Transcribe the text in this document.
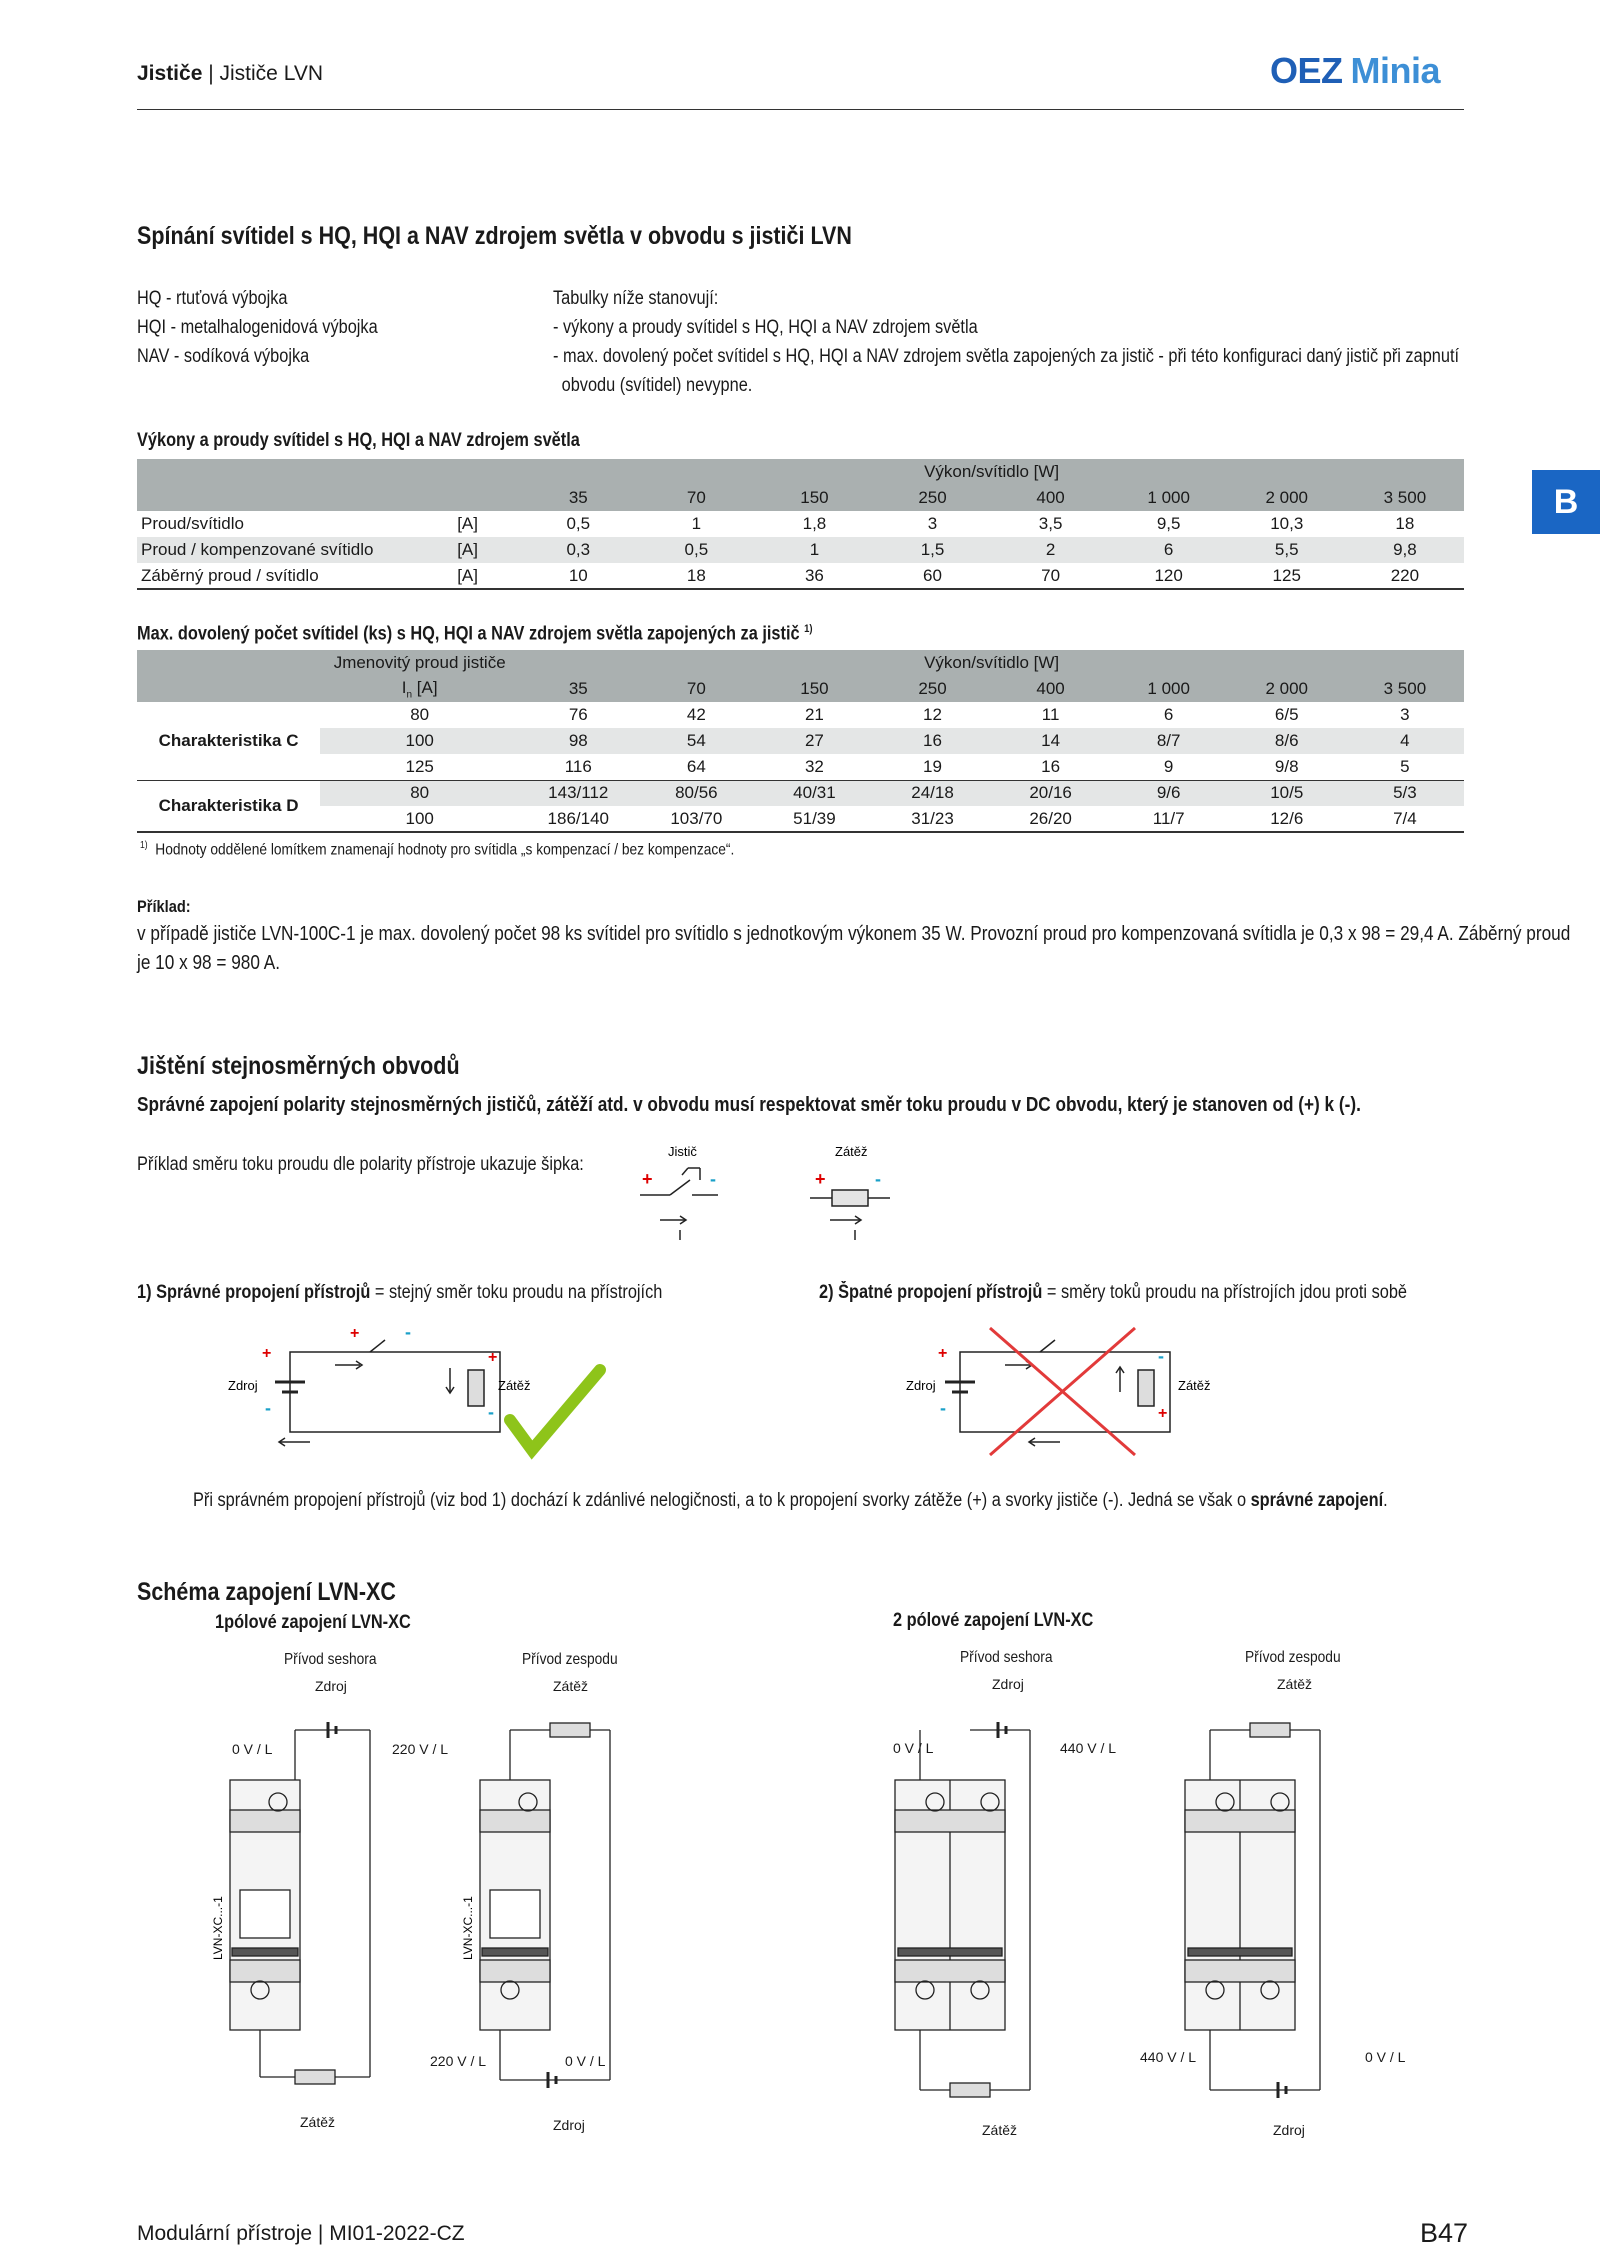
Jističe | Jističe LVN	OEZ Minia
B
Spínání svítidel s HQ, HQI a NAV zdrojem světla v obvodu s jističi LVN
HQ - rtuťová výbojka
HQI - metalhalogenidová výbojka
NAV - sodíková výbojka
Tabulky níže stanovují:
- výkony a proudy svítidel s HQ, HQI a NAV zdrojem světla
- max. dovolený počet svítidel s HQ, HQI a NAV zdrojem světla zapojených za jistič - při této konfiguraci daný jistič při zapnutí
obvodu (svítidel) nevypne.
Výkony a proudy svítidel s HQ, HQI a NAV zdrojem světla
		Výkon/svítidlo [W]							
		35	70	150	250	400	1 000	2 000	3 500
Proud/svítidlo	[A]	0,5	1	1,8	3	3,5	9,5	10,3	18
Proud / kompenzované svítidlo	[A]	0,3	0,5	1	1,5	2	6	5,5	9,8
Záběrný proud / svítidlo	[A]	10	18	36	60	70	120	125	220
Max. dovolený počet svítidel (ks) s HQ, HQI a NAV zdrojem světla zapojených za jistič $^{1)}$
	Jmenovitý proud jističe	Výkon/svítidlo [W]							
	$I_n$ [A]	35	70	150	250	400	1 000	2 000	3 500
Charakteristika C	80	76	42	21	12	11	6	6/5	3
	100	98	54	27	16	14	8/7	8/6	4
	125	116	64	32	19	16	9	9/8	5
Charakteristika D	80	143/112	80/56	40/31	24/18	20/16	9/6	10/5	5/3
	100	186/140	103/70	51/39	31/23	26/20	11/7	12/6	7/4
$^{1)}$ Hodnoty oddělené lomítkem znamenají hodnoty pro svítidla „s kompenzací / bez kompenzace“.
Příklad:
v případě jističe LVN-100C-1 je max. dovolený počet 98 ks svítidel pro svítidlo s jednotkovým výkonem 35 W. Provozní proud pro kompenzovaná svítidla je 0,3 x 98 = 29,4 A. Záběrný proud
je 10 x 98 = 980 A.
Jištění stejnosměrných obvodů
Správné zapojení polarity stejnosměrných jističů, zátěží atd. v obvodu musí respektovat směr toku proudu v DC obvodu, který je stanoven od (+) k (-).
Příklad směru toku proudu dle polarity přístroje ukazuje šipka:
Jistič	Zátěž
+	-	+	-
1) Správné propojení přístrojů = stejný směr toku proudu na přístrojích	2) Špatné propojení přístrojů = směry toků proudu na přístrojích jdou proti sobě
Zdroj	Zátěž
+
-
+	-
+
-
Zdroj	Zátěž
+
-
-
+
Při správném propojení přístrojů (viz bod 1) dochází k zdánlivé nelogičnosti, a to k propojení svorky zátěže (+) a svorky jističe (-). Jedná se však o správné zapojení.
Schéma zapojení LVN-XC
1pólové zapojení LVN-XC	2 pólové zapojení LVN-XC
Přívod seshora	Přívod zespodu	Přívod seshora	Přívod zespodu
Zdroj	Zátěž	Zdroj	Zátěž
0 V / L	220 V / L	0 V / L	440 V / L
220 V / L	0 V / L	440 V / L	0 V / L
Zátěž	Zdroj	Zátěž	Zdroj
LVN-XC...-1	LVN-XC...-1
Modulární přístroje | MI01-2022-CZ	B47
